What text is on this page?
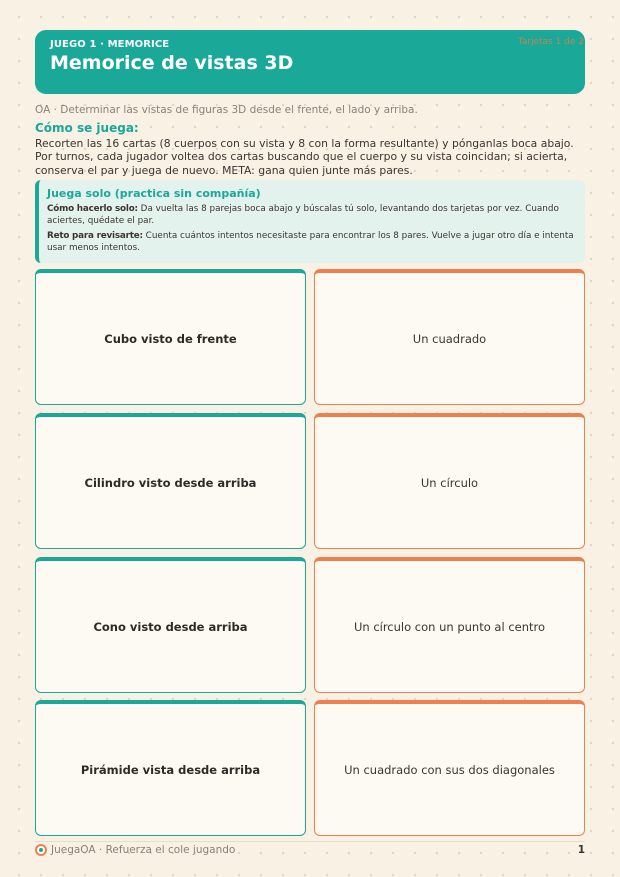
JUEGO 1 · MEMORICE
Memorice de vistas 3D
Tarjetas 1 de 2
OA · Determinar las vistas de figuras 3D desde el frente, el lado y arriba.
Cómo se juega:
Recorten las 16 cartas (8 cuerpos con su vista y 8 con la forma resultante) y pónganlas boca abajo. Por turnos, cada jugador voltea dos cartas buscando que el cuerpo y su vista coincidan; si acierta, conserva el par y juega de nuevo. META: gana quien junte más pares.
Juega solo (practica sin compañía)
Cómo hacerlo solo: Da vuelta las 8 parejas boca abajo y búscalas tú solo, levantando dos tarjetas por vez. Cuando aciertes, quédate el par.
Reto para revisarte: Cuenta cuántos intentos necesitaste para encontrar los 8 pares. Vuelve a jugar otro día e intenta usar menos intentos.
Cubo visto de frente	Un cuadrado
Cilindro visto desde arriba	Un círculo
Cono visto desde arriba	Un círculo con un punto al centro
Pirámide vista desde arriba	Un cuadrado con sus dos diagonales
JuegaOA · Refuerza el cole jugando	1
